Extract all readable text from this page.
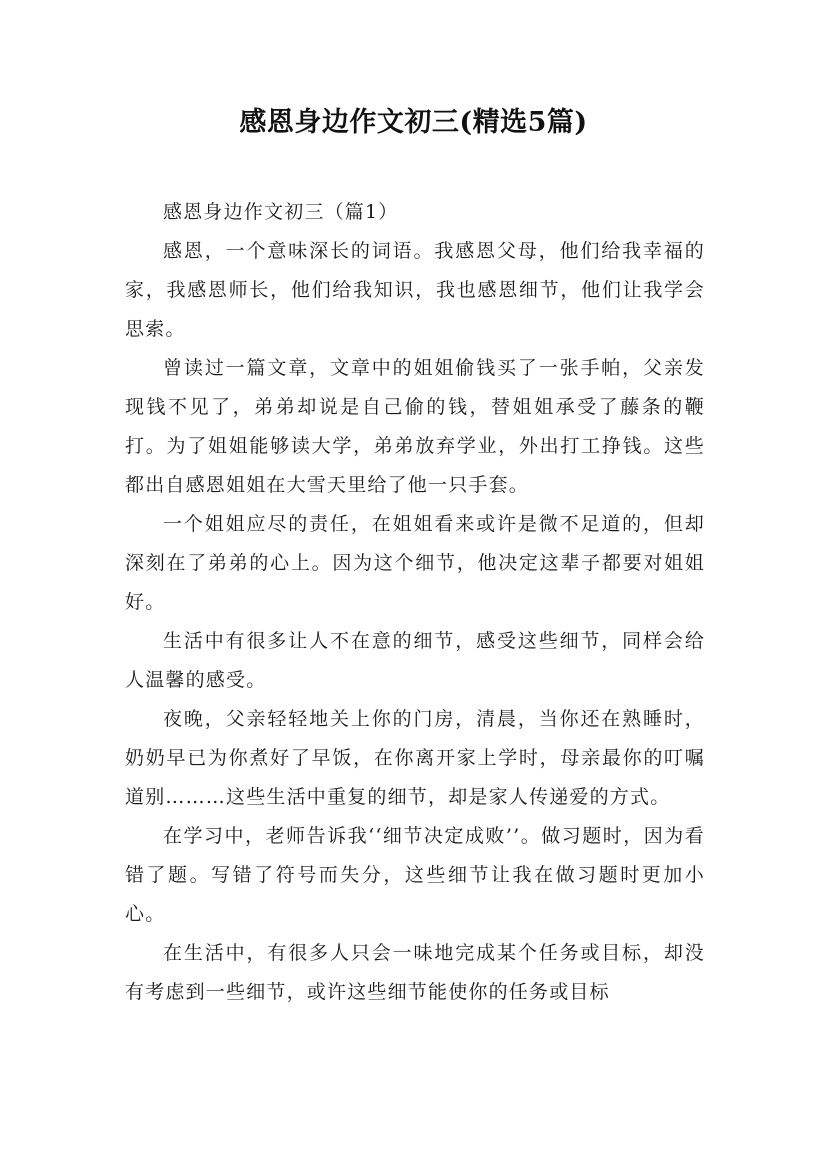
感恩身边作文初三(精选5篇)

感恩身边作文初三（篇1）

感恩，一个意味深长的词语。我感恩父母，他们给我幸福的家，我感恩师长，他们给我知识，我也感恩细节，他们让我学会思索。

曾读过一篇文章，文章中的姐姐偷钱买了一张手帕，父亲发现钱不见了，弟弟却说是自己偷的钱，替姐姐承受了藤条的鞭打。为了姐姐能够读大学，弟弟放弃学业，外出打工挣钱。这些都出自感恩姐姐在大雪天里给了他一只手套。

一个姐姐应尽的责任，在姐姐看来或许是微不足道的，但却深刻在了弟弟的心上。因为这个细节，他决定这辈子都要对姐姐好。

生活中有很多让人不在意的细节，感受这些细节，同样会给人温馨的感受。

夜晚，父亲轻轻地关上你的门房，清晨，当你还在熟睡时，奶奶早已为你煮好了早饭，在你离开家上学时，母亲最你的叮嘱道别………这些生活中重复的细节，却是家人传递爱的方式。

在学习中，老师告诉我‘‘细节决定成败’’。做习题时，因为看错了题。写错了符号而失分，这些细节让我在做习题时更加小心。

在生活中，有很多人只会一味地完成某个任务或目标，却没有考虑到一些细节，或许这些细节能使你的任务或目标
